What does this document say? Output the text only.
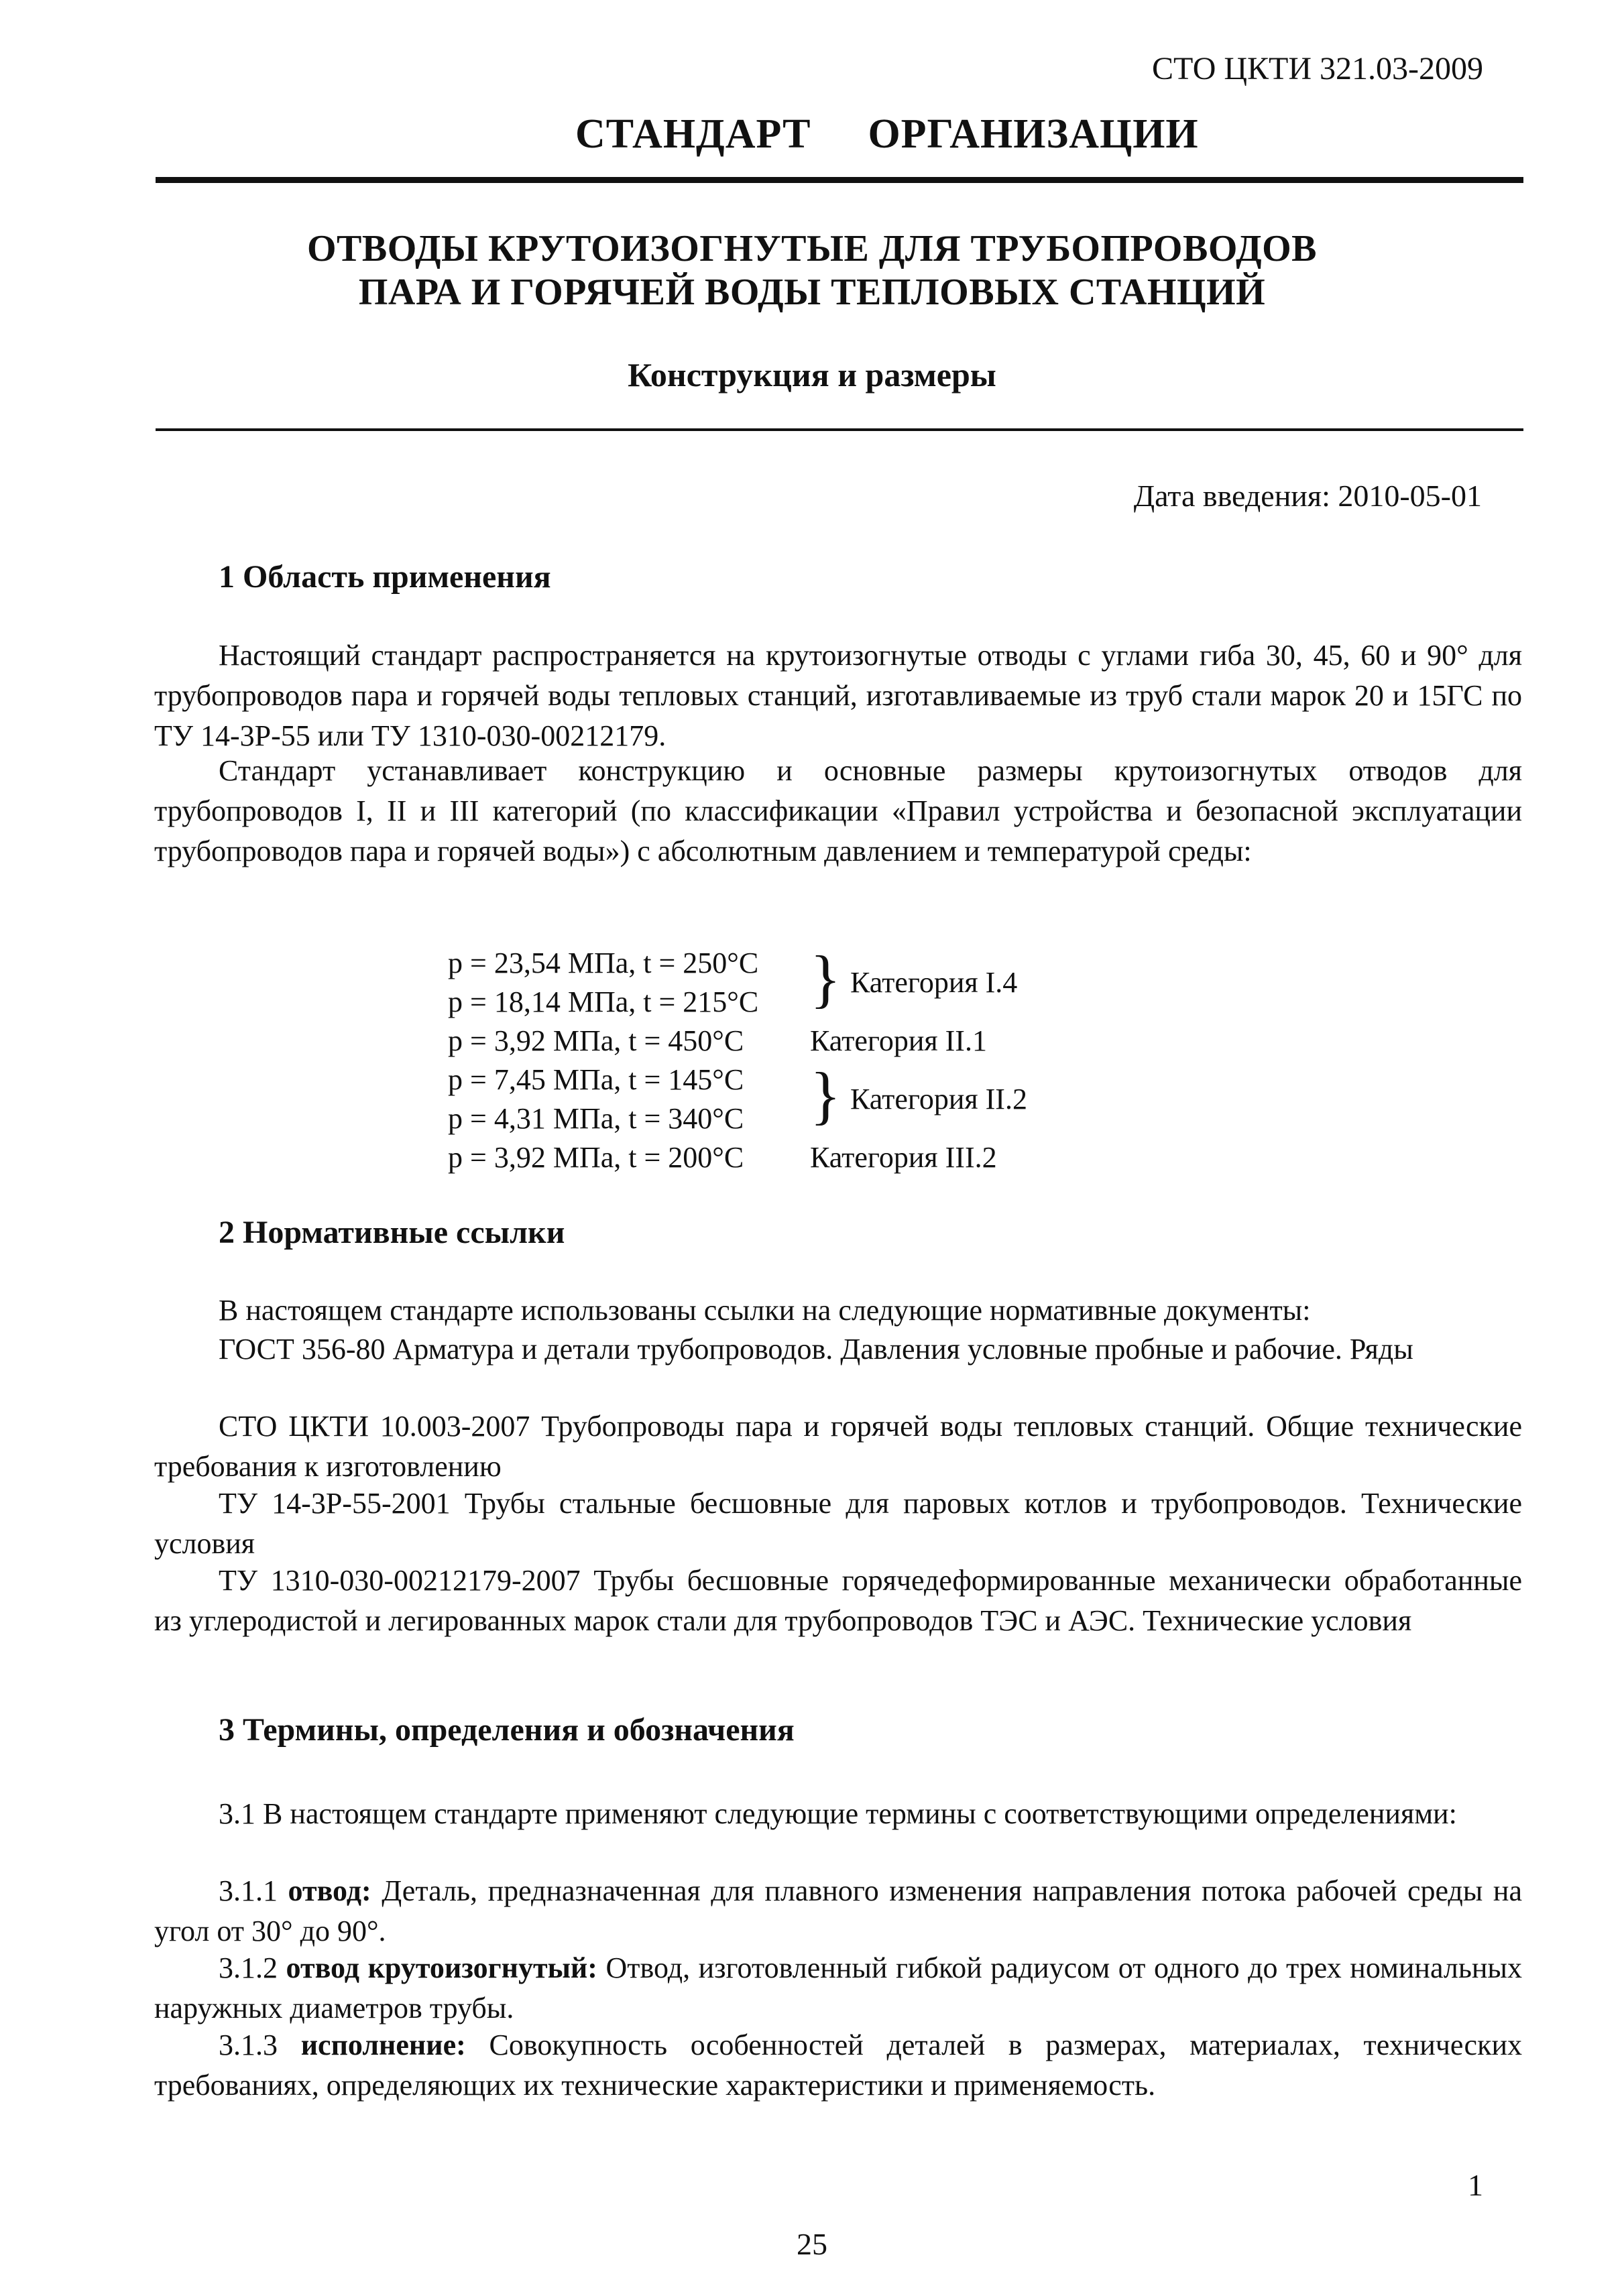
СТО ЦКТИ 321.03-2009
СТАНДАРТ ОРГАНИЗАЦИИ
ОТВОДЫ КРУТОИЗОГНУТЫЕ ДЛЯ ТРУБОПРОВОДОВ
ПАРА И ГОРЯЧЕЙ ВОДЫ ТЕПЛОВЫХ СТАНЦИЙ
Конструкция и размеры
Дата введения: 2010-05-01
1 Область применения
Настоящий стандарт распространяется на крутоизогнутые отводы с углами гиба 30, 45, 60 и 90° для трубопроводов пара и горячей воды тепловых станций, изготавливаемые из труб стали марок 20 и 15ГС по ТУ 14-3Р-55 или ТУ 1310-030-00212179.
Стандарт устанавливает конструкцию и основные размеры крутоизогнутых отводов для трубопроводов I, II и III категорий (по классификации «Правил устройства и безопасной эксплуатации трубопроводов пара и горячей воды») с абсолютным давлением и температурой среды:
p = 23,54 МПа, t = 250°C
p = 18,14 МПа, t = 215°C
p = 3,92 МПа, t = 450°C
p = 7,45 МПа, t = 145°C
p = 4,31 МПа, t = 340°C
p = 3,92 МПа, t = 200°C
} Категория I.4
Категория II.1
} Категория II.2
Категория III.2
2 Нормативные ссылки
В настоящем стандарте использованы ссылки на следующие нормативные документы:
ГОСТ 356-80 Арматура и детали трубопроводов. Давления условные пробные и рабочие. Ряды
СТО ЦКТИ 10.003-2007 Трубопроводы пара и горячей воды тепловых станций. Общие технические требования к изготовлению
ТУ 14-3Р-55-2001 Трубы стальные бесшовные для паровых котлов и трубопроводов. Технические условия
ТУ 1310-030-00212179-2007 Трубы бесшовные горячедеформированные механически обработанные из углеродистой и легированных марок стали для трубопроводов ТЭС и АЭС. Технические условия
3 Термины, определения и обозначения
3.1 В настоящем стандарте применяют следующие термины с соответствующими определениями:
3.1.1 отвод: Деталь, предназначенная для плавного изменения направления потока рабочей среды на угол от 30° до 90°.
3.1.2 отвод крутоизогнутый: Отвод, изготовленный гибкой радиусом от одного до трех номинальных наружных диаметров трубы.
3.1.3 исполнение: Совокупность особенностей деталей в размерах, материалах, технических требованиях, определяющих их технические характеристики и применяемость.
1
25
